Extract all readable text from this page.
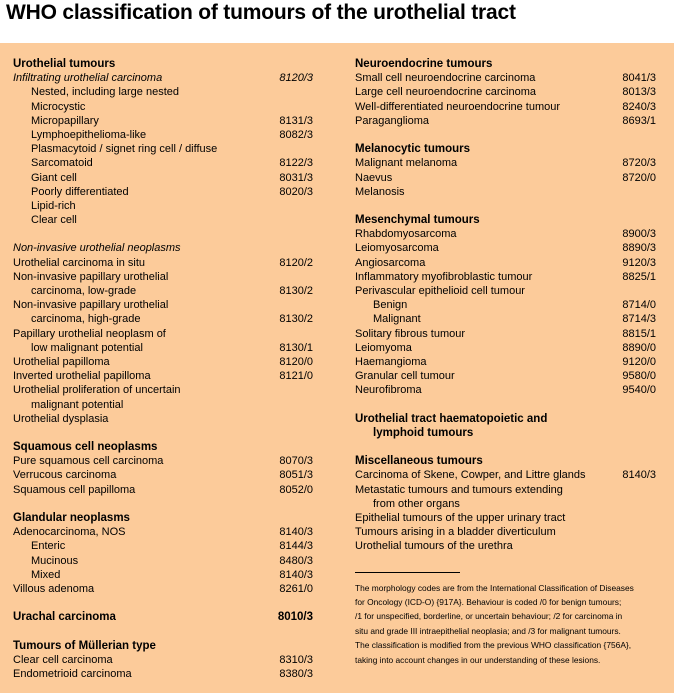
WHO classification of tumours of the urothelial tract
Urothelial tumours
Infiltrating urothelial carcinoma	8120/3
Nested, including large nested
Microcystic
Micropapillary	8131/3
Lymphoepithelioma-like	8082/3
Plasmacytoid / signet ring cell / diffuse
Sarcomatoid	8122/3
Giant cell	8031/3
Poorly differentiated	8020/3
Lipid-rich
Clear cell
Non-invasive urothelial neoplasms
Urothelial carcinoma in situ	8120/2
Non-invasive papillary urothelial
carcinoma, low-grade	8130/2
Non-invasive papillary urothelial
carcinoma, high-grade	8130/2
Papillary urothelial neoplasm of
low malignant potential	8130/1
Urothelial papilloma	8120/0
Inverted urothelial papilloma	8121/0
Urothelial proliferation of uncertain
malignant potential
Urothelial dysplasia
Squamous cell neoplasms
Pure squamous cell carcinoma	8070/3
Verrucous carcinoma	8051/3
Squamous cell papilloma	8052/0
Glandular neoplasms
Adenocarcinoma, NOS	8140/3
Enteric	8144/3
Mucinous	8480/3
Mixed	8140/3
Villous adenoma	8261/0
Urachal carcinoma	8010/3
Tumours of Müllerian type
Clear cell carcinoma	8310/3
Endometrioid carcinoma	8380/3
Neuroendocrine tumours
Small cell neuroendocrine carcinoma	8041/3
Large cell neuroendocrine carcinoma	8013/3
Well-differentiated neuroendocrine tumour	8240/3
Paraganglioma	8693/1
Melanocytic tumours
Malignant melanoma	8720/3
Naevus	8720/0
Melanosis
Mesenchymal tumours
Rhabdomyosarcoma	8900/3
Leiomyosarcoma	8890/3
Angiosarcoma	9120/3
Inflammatory myofibroblastic tumour	8825/1
Perivascular epithelioid cell tumour
Benign	8714/0
Malignant	8714/3
Solitary fibrous tumour	8815/1
Leiomyoma	8890/0
Haemangioma	9120/0
Granular cell tumour	9580/0
Neurofibroma	9540/0
Urothelial tract haematopoietic and
lymphoid tumours
Miscellaneous tumours
Carcinoma of Skene, Cowper, and Littre glands	8140/3
Metastatic tumours and tumours extending
from other organs
Epithelial tumours of the upper urinary tract
Tumours arising in a bladder diverticulum
Urothelial tumours of the urethra
The morphology codes are from the International Classification of Diseases
for Oncology (ICD-O) {917A}. Behaviour is coded /0 for benign tumours;
/1 for unspecified, borderline, or uncertain behaviour; /2 for carcinoma in
situ and grade III intraepithelial neoplasia; and /3 for malignant tumours.
The classification is modified from the previous WHO classification {756A},
taking into account changes in our understanding of these lesions.
